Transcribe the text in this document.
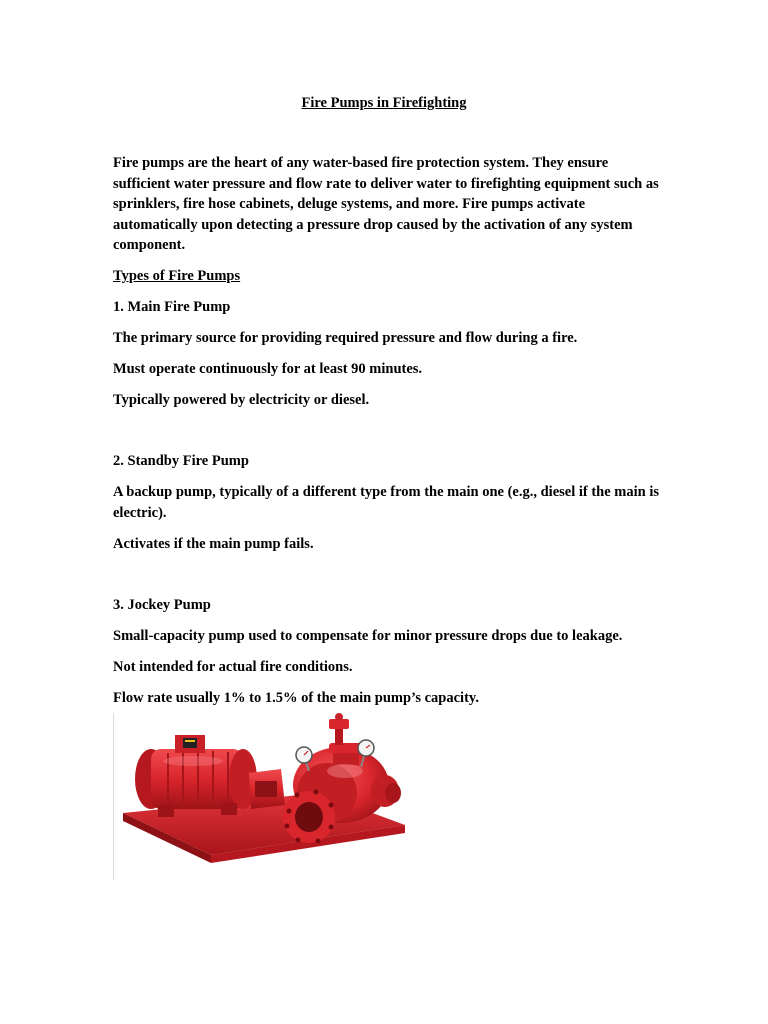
Fire Pumps in Firefighting

Fire pumps are the heart of any water-based fire protection system. They ensure sufficient water pressure and flow rate to deliver water to firefighting equipment such as sprinklers, fire hose cabinets, deluge systems, and more. Fire pumps activate automatically upon detecting a pressure drop caused by the activation of any system component.

Types of Fire Pumps

1. Main Fire Pump

The primary source for providing required pressure and flow during a fire.

Must operate continuously for at least 90 minutes.

Typically powered by electricity or diesel.

2. Standby Fire Pump

A backup pump, typically of a different type from the main one (e.g., diesel if the main is electric).

Activates if the main pump fails.

3. Jockey Pump

Small-capacity pump used to compensate for minor pressure drops due to leakage.

Not intended for actual fire conditions.

Flow rate usually 1% to 1.5% of the main pump’s capacity.
